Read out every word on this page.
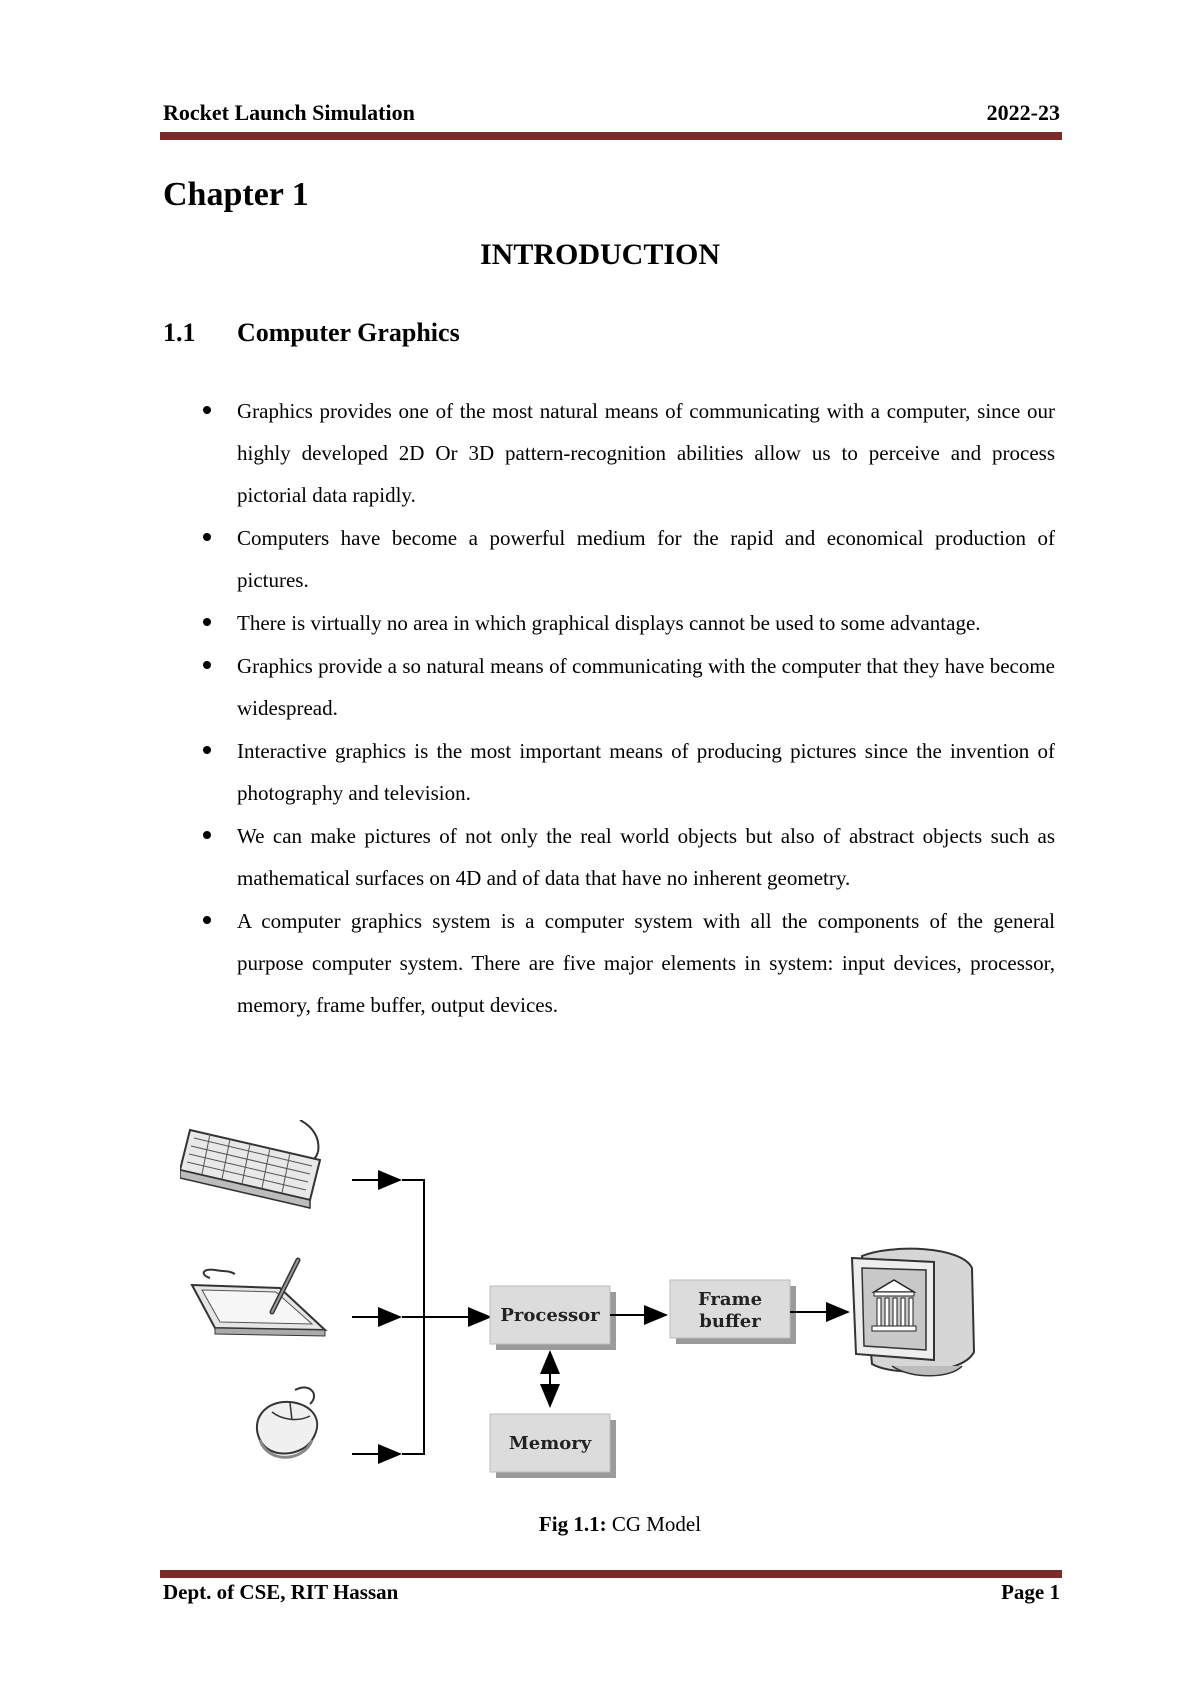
Rocket Launch Simulation	2022-23
Chapter 1
INTRODUCTION
1.1 Computer Graphics
Graphics provides one of the most natural means of communicating with a computer, since our highly developed 2D Or 3D pattern-recognition abilities allow us to perceive and process pictorial data rapidly.
Computers have become a powerful medium for the rapid and economical production of pictures.
There is virtually no area in which graphical displays cannot be used to some advantage.
Graphics provide a so natural means of communicating with the computer that they have become widespread.
Interactive graphics is the most important means of producing pictures since the invention of photography and television.
We can make pictures of not only the real world objects but also of abstract objects such as mathematical surfaces on 4D and of data that have no inherent geometry.
A computer graphics system is a computer system with all the components of the general purpose computer system. There are five major elements in system: input devices, processor, memory, frame buffer, output devices.
Processor
Frame
buffer
Memory
Fig 1.1: CG Model
Dept. of CSE, RIT Hassan	Page 1
